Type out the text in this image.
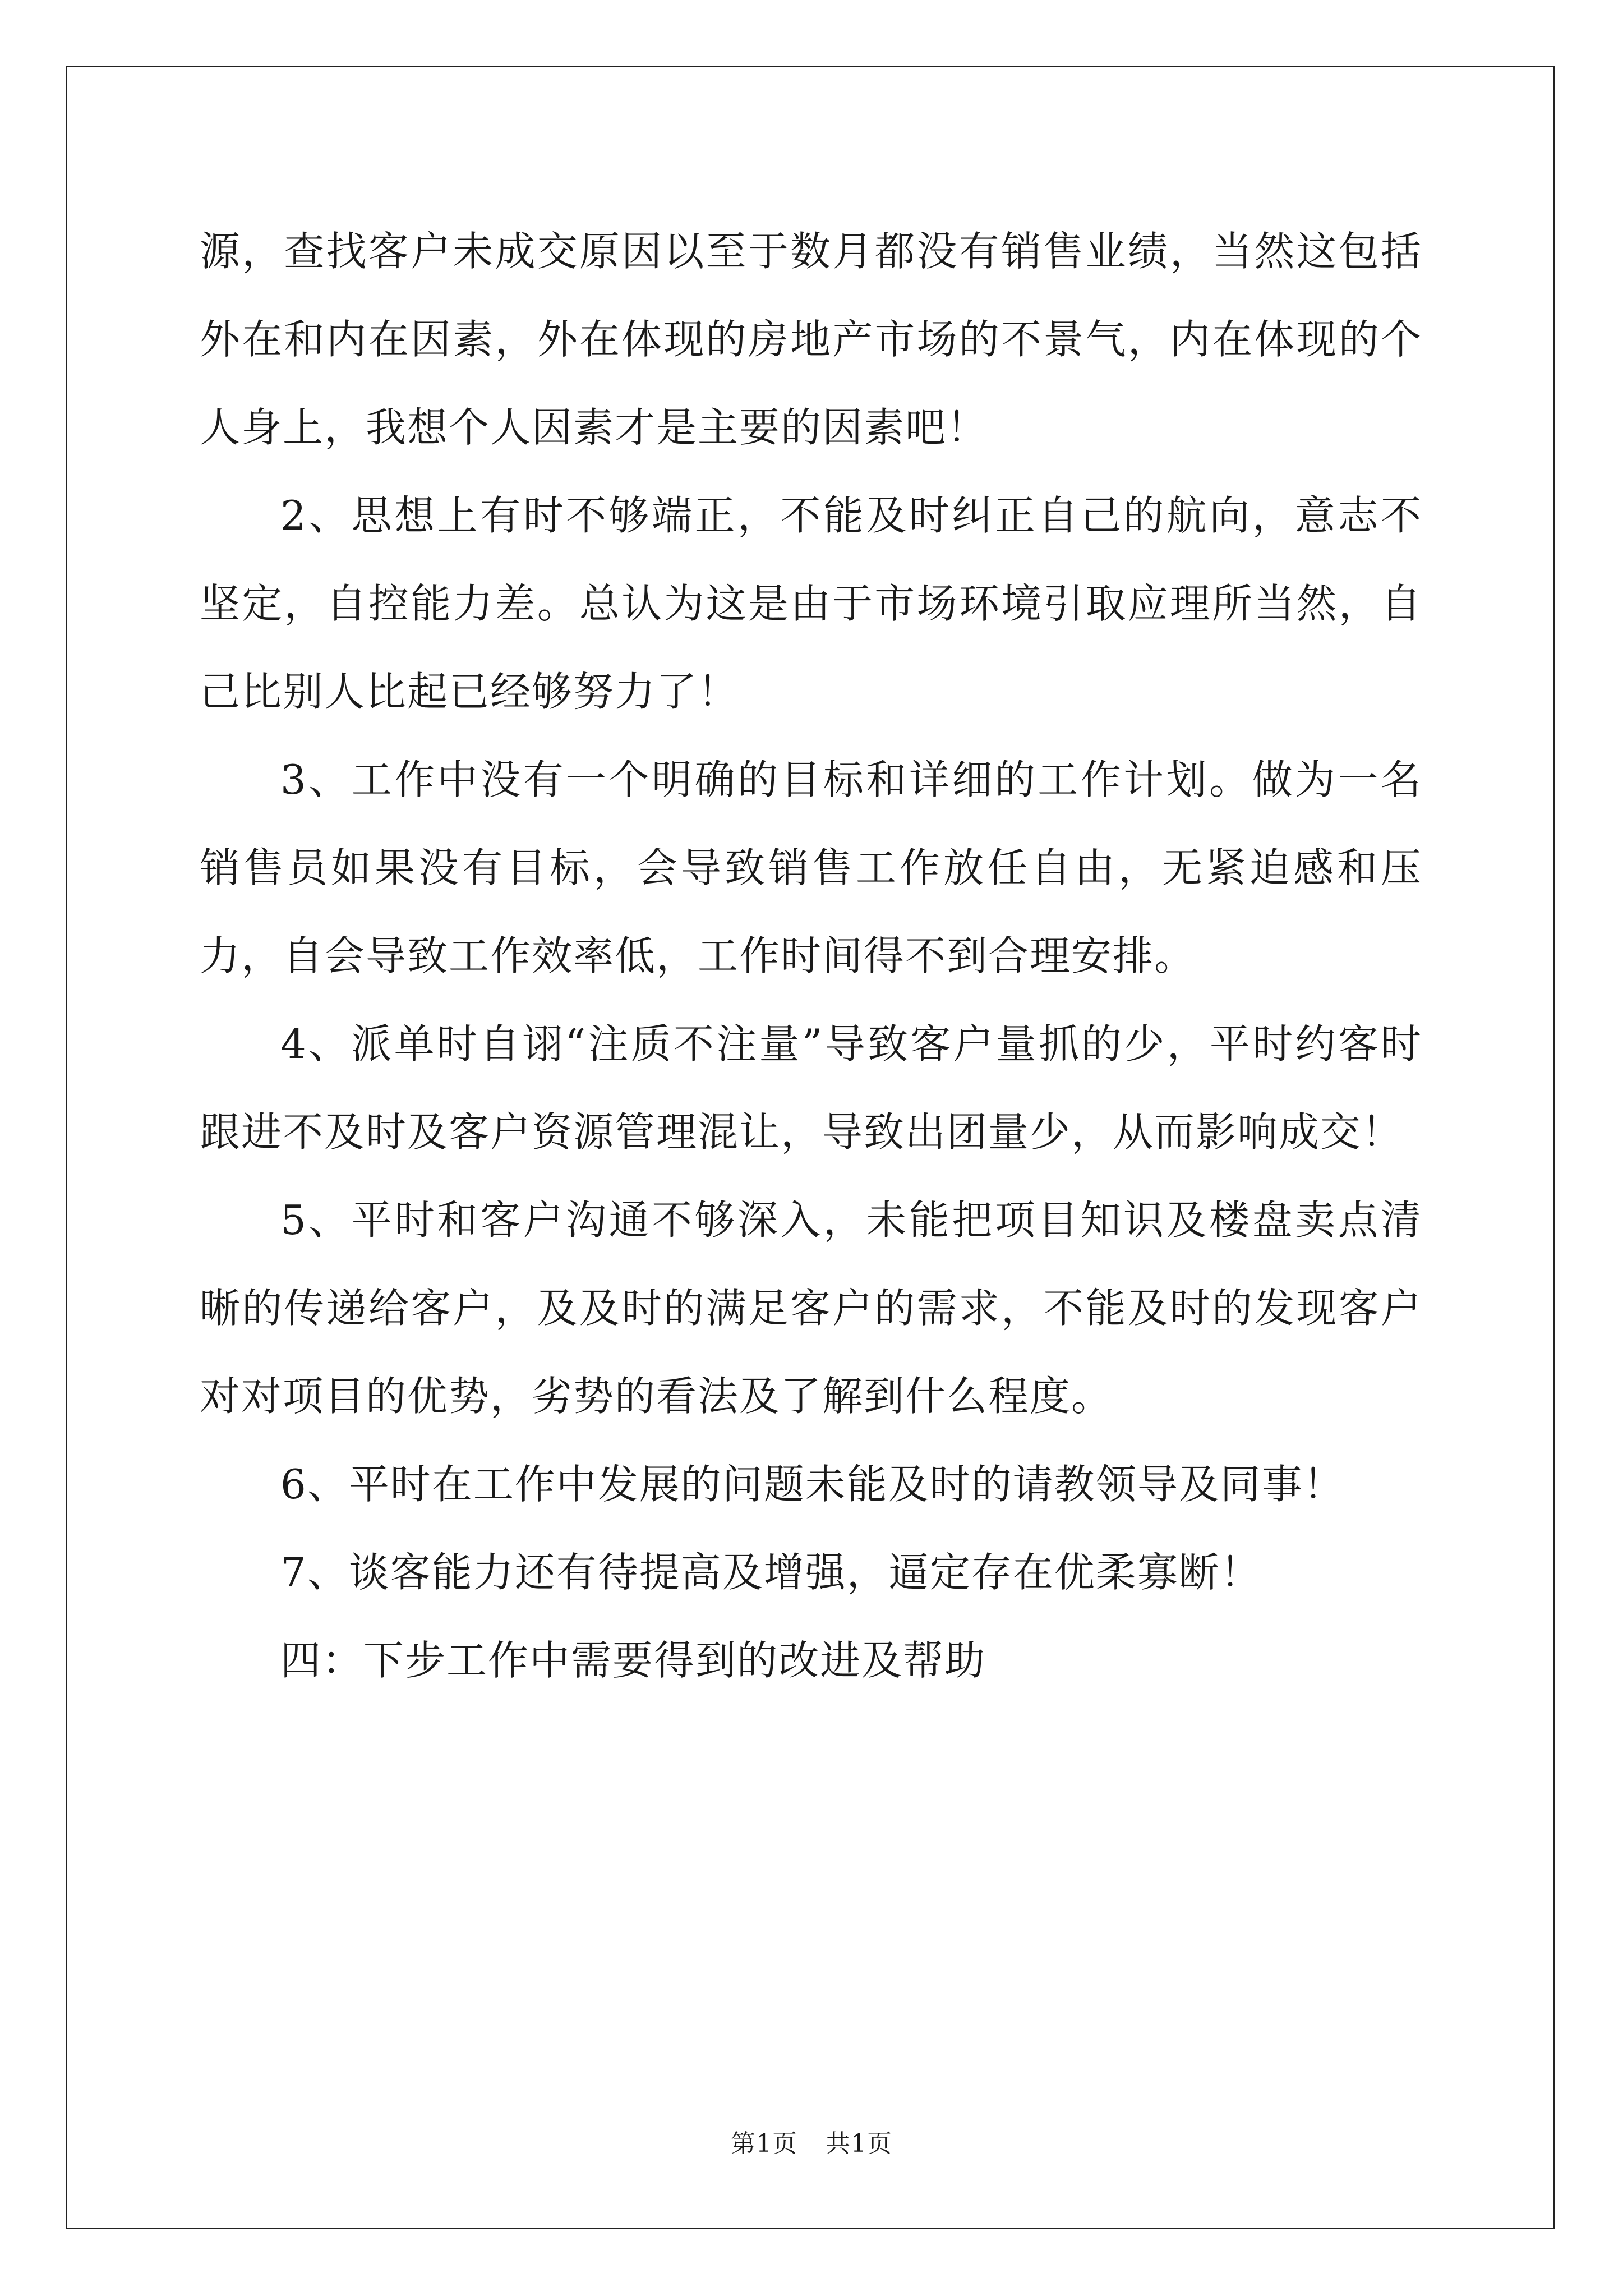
源，查找客户未成交原因以至于数月都没有销售业绩，当然这包括外在和内在因素，外在体现的房地产市场的不景气，内在体现的个人身上，我想个人因素才是主要的因素吧！

2、思想上有时不够端正，不能及时纠正自己的航向，意志不坚定，自控能力差。总认为这是由于市场环境引取应理所当然，自己比别人比起已经够努力了！

3、工作中没有一个明确的目标和详细的工作计划。做为一名销售员如果没有目标，会导致销售工作放任自由，无紧迫感和压力，自会导致工作效率低，工作时间得不到合理安排。

4、派单时自诩“注质不注量”导致客户量抓的少，平时约客时跟进不及时及客户资源管理混让，导致出团量少，从而影响成交！

5、平时和客户沟通不够深入，未能把项目知识及楼盘卖点清晰的传递给客户，及及时的满足客户的需求，不能及时的发现客户对对项目的优势，劣势的看法及了解到什么程度。

6、平时在工作中发展的问题未能及时的请教领导及同事！

7、谈客能力还有待提高及增强，逼定存在优柔寡断！

四：下步工作中需要得到的改进及帮助

第1页 共1页
